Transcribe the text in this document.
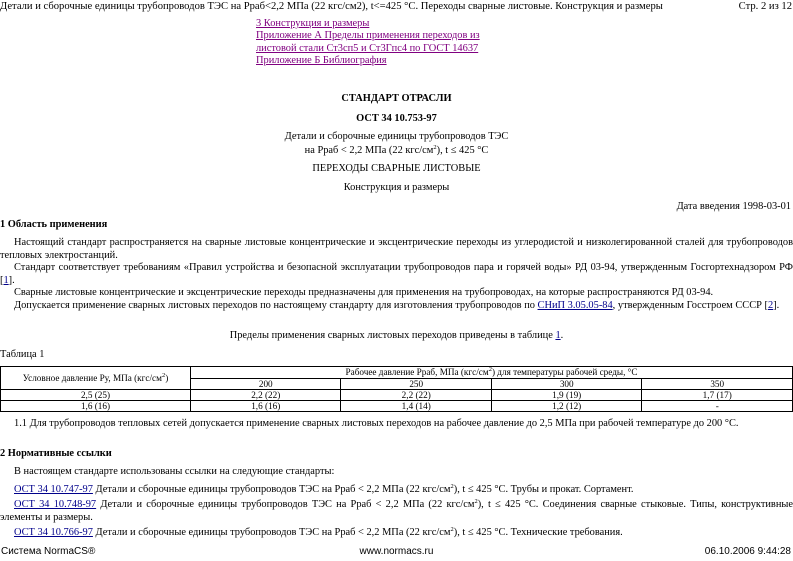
Детали и сборочные единицы трубопроводов ТЭС на Рраб<2,2 МПа (22 кгс/см2), t<=425 °С. Переходы сварные листовые. Конструкция и размеры	Стр. 2 из 12
3 Конструкция и размеры
Приложение А Пределы применения переходов из
листовой стали Ст3сп5 и Ст3Гпс4 по ГОСТ 14637
Приложение Б Библиография
СТАНДАРТ ОТРАСЛИ
ОСТ 34 10.753-97
Детали и сборочные единицы трубопроводов ТЭС
на Рраб < 2,2 МПа (22 кгс/$см^2$), t ≤ 425 °С
ПЕРЕХОДЫ СВАРНЫЕ ЛИСТОВЫЕ
Конструкция и размеры
Дата введения 1998-03-01
1 Область применения
Настоящий стандарт распространяется на сварные листовые концентрические и эксцентрические переходы из углеродистой и низколегированной сталей для трубопроводов тепловых электростанций.
Стандарт соответствует требованиям «Правил устройства и безопасной эксплуатации трубопроводов пара и горячей воды» РД 03-94, утвержденным Госгортехнадзором РФ [1].
Сварные листовые концентрические и эксцентрические переходы предназначены для применения на трубопроводах, на которые распространяются РД 03-94.
Допускается применение сварных листовых переходов по настоящему стандарту для изготовления трубопроводов по СНиП 3.05.05-84, утвержденным Госстроем СССР [2].
Пределы применения сварных листовых переходов приведены в таблице 1.
Таблица 1
Условное давление Ру, МПа $(кгс/см^2)$	Рабочее давление Рраб, МПа $(кгс/см^2)$ для температуры рабочей среды, °С			
	200	250	300	350
2,5 (25)	2,2 (22)	2,2 (22)	1,9 (19)	1,7 (17)
1,6 (16)	1,6 (16)	1,4 (14)	1,2 (12)	-
1.1 Для трубопроводов тепловых сетей допускается применение сварных листовых переходов на рабочее давление до 2,5 МПа при рабочей температуре до 200 °С.
2 Нормативные ссылки
В настоящем стандарте использованы ссылки на следующие стандарты:
ОСТ 34 10.747-97 Детали и сборочные единицы трубопроводов ТЭС на Рраб < 2,2 МПа (22 кгс/$см^2$), t ≤ 425 °С. Трубы и прокат. Сортамент.
ОСТ 34 10.748-97 Детали и сборочные единицы трубопроводов ТЭС на Рраб < 2,2 МПа (22 кгс/$см^2$), t ≤ 425 °С. Соединения сварные стыковые. Типы, конструктивные элементы и размеры.
ОСТ 34 10.766-97 Детали и сборочные единицы трубопроводов ТЭС на Рраб < 2,2 МПа (22 кгс/$см^2$), t ≤ 425 °С. Технические требования.
Система NormaCS®	www.normacs.ru	06.10.2006 9:44:28
